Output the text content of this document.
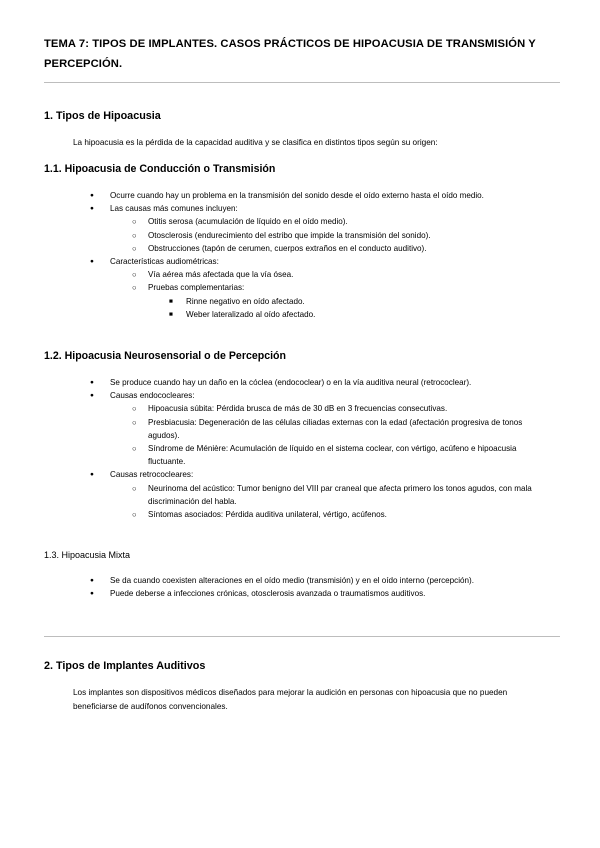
TEMA 7: TIPOS DE IMPLANTES. CASOS PRÁCTICOS DE HIPOACUSIA DE TRANSMISIÓN Y PERCEPCIÓN.
1. Tipos de Hipoacusia
La hipoacusia es la pérdida de la capacidad auditiva y se clasifica en distintos tipos según su origen:
1.1. Hipoacusia de Conducción o Transmisión
● Ocurre cuando hay un problema en la transmisión del sonido desde el oído externo hasta el oído medio.
● Las causas más comunes incluyen:
○ Otitis serosa (acumulación de líquido en el oído medio).
○ Otosclerosis (endurecimiento del estribo que impide la transmisión del sonido).
○ Obstrucciones (tapón de cerumen, cuerpos extraños en el conducto auditivo).
● Características audiométricas:
○ Vía aérea más afectada que la vía ósea.
○ Pruebas complementarias:
■ Rinne negativo en oído afectado.
■ Weber lateralizado al oído afectado.
1.2. Hipoacusia Neurosensorial o de Percepción
● Se produce cuando hay un daño en la cóclea (endococlear) o en la vía auditiva neural (retrococlear).
● Causas endococleares:
○ Hipoacusia súbita: Pérdida brusca de más de 30 dB en 3 frecuencias consecutivas.
○ Presbiacusia: Degeneración de las células ciliadas externas con la edad (afectación progresiva de tonos agudos).
○ Síndrome de Ménière: Acumulación de líquido en el sistema coclear, con vértigo, acúfeno e hipoacusia fluctuante.
● Causas retrococleares:
○ Neurinoma del acústico: Tumor benigno del VIII par craneal que afecta primero los tonos agudos, con mala discriminación del habla.
○ Síntomas asociados: Pérdida auditiva unilateral, vértigo, acúfenos.
1.3. Hipoacusia Mixta
● Se da cuando coexisten alteraciones en el oído medio (transmisión) y en el oído interno (percepción).
● Puede deberse a infecciones crónicas, otosclerosis avanzada o traumatismos auditivos.
2. Tipos de Implantes Auditivos
Los implantes son dispositivos médicos diseñados para mejorar la audición en personas con hipoacusia que no pueden beneficiarse de audífonos convencionales.
